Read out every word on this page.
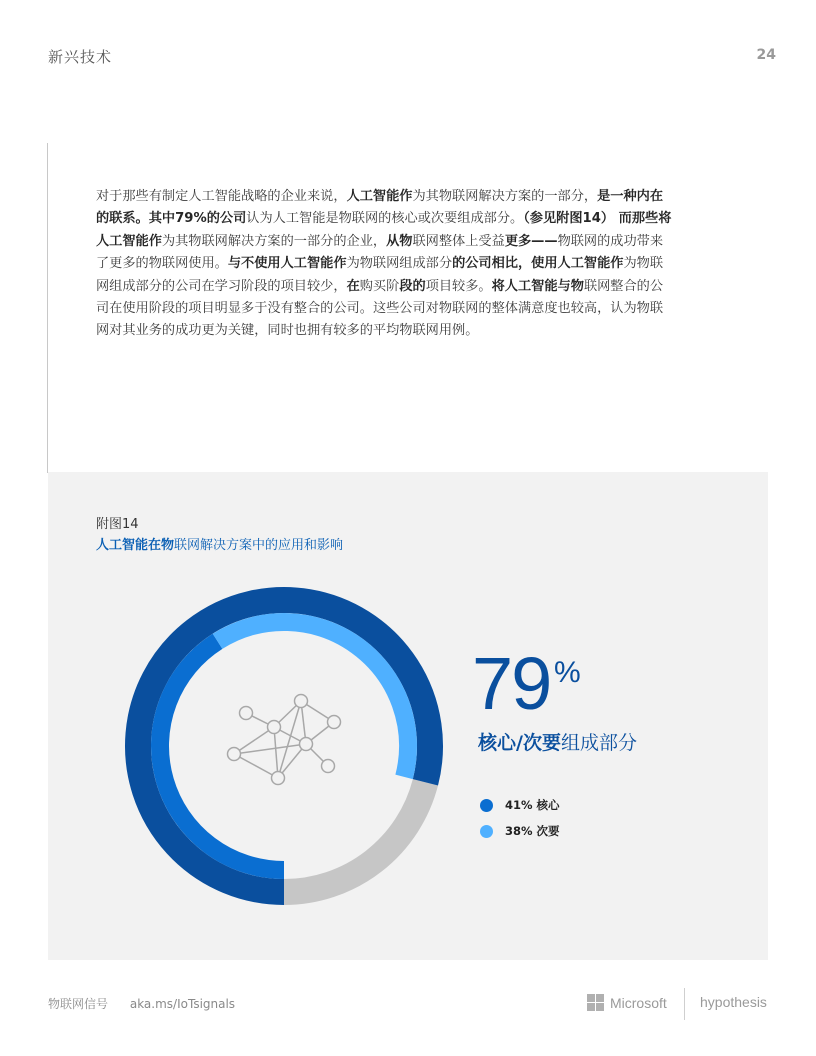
新兴技术	24
对于那些有制定人工智能战略的企业来说，人工智能作为其物联网解决方案的一部分，是一种内在的联系。其中79%的公司认为人工智能是物联网的核心或次要组成部分。（参见附图14） 而那些将人工智能作为其物联网解决方案的一部分的企业，从物联网整体上受益更多——物联网的成功带来了更多的物联网使用。与不使用人工智能作为物联网组成部分的公司相比，使用人工智能作为物联网组成部分的公司在学习阶段的项目较少，在购买阶段的项目较多。将人工智能与物联网整合的公司在使用阶段的项目明显多于没有整合的公司。这些公司对物联网的整体满意度也较高，认为物联网对其业务的成功更为关键，同时也拥有较多的平均物联网用例。
附图14
人工智能在物联网解决方案中的应用和影响
79 %
核心/次要组成部分
41% 核心
38% 次要
物联网信号 aka.ms/IoTsignals	Microsoft hypothesis
